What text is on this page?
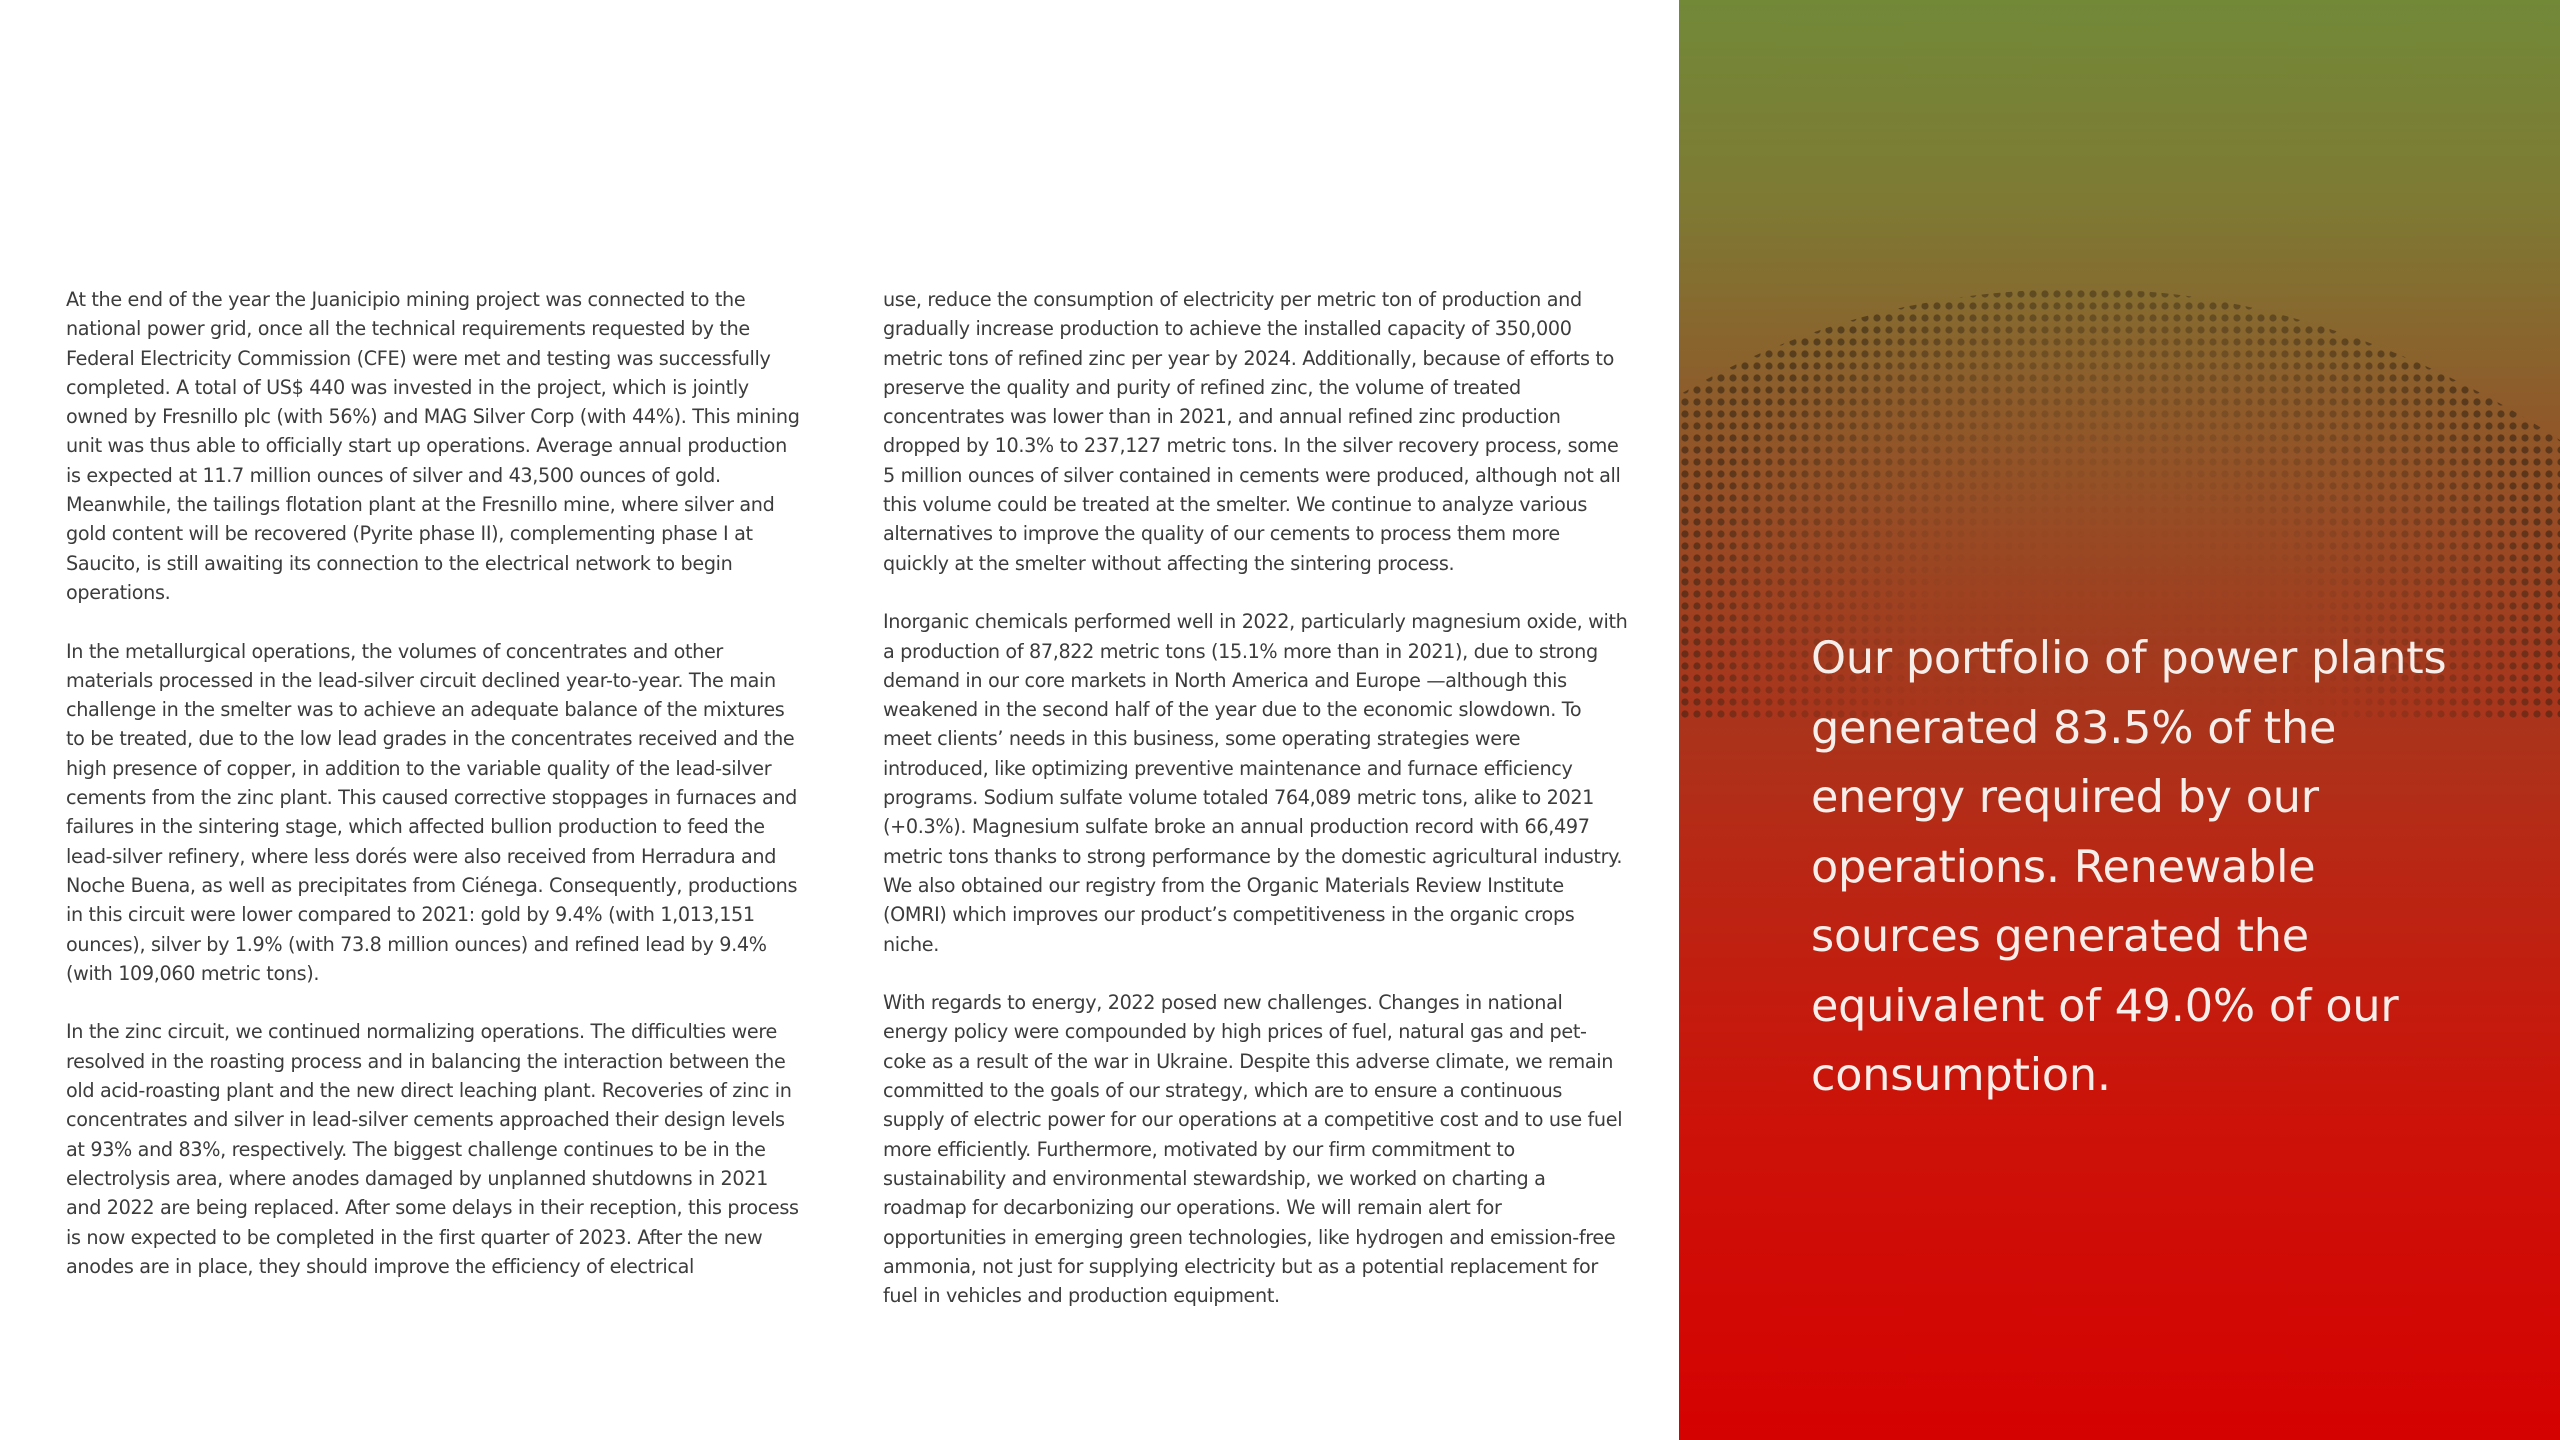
At the end of the year the Juanicipio mining project was connected to the national power grid, once all the technical requirements requested by the Federal Electricity Commission (CFE) were met and testing was successfully completed. A total of US$ 440 was invested in the project, which is jointly owned by Fresnillo plc (with 56%) and MAG Silver Corp (with 44%). This mining unit was thus able to officially start up operations. Average annual production is expected at 11.7 million ounces of silver and 43,500 ounces of gold. Meanwhile, the tailings flotation plant at the Fresnillo mine, where silver and gold content will be recovered (Pyrite phase II), complementing phase I at Saucito, is still awaiting its connection to the electrical network to begin operations.

In the metallurgical operations, the volumes of concentrates and other materials processed in the lead-silver circuit declined year-to-year. The main challenge in the smelter was to achieve an adequate balance of the mixtures to be treated, due to the low lead grades in the concentrates received and the high presence of copper, in addition to the variable quality of the lead-silver cements from the zinc plant. This caused corrective stoppages in furnaces and failures in the sintering stage, which affected bullion production to feed the lead-silver refinery, where less dorés were also received from Herradura and Noche Buena, as well as precipitates from Ciénega. Consequently, productions in this circuit were lower compared to 2021: gold by 9.4% (with 1,013,151 ounces), silver by 1.9% (with 73.8 million ounces) and refined lead by 9.4% (with 109,060 metric tons).

In the zinc circuit, we continued normalizing operations. The difficulties were resolved in the roasting process and in balancing the interaction between the old acid-roasting plant and the new direct leaching plant. Recoveries of zinc in concentrates and silver in lead-silver cements approached their design levels at 93% and 83%, respectively. The biggest challenge continues to be in the electrolysis area, where anodes damaged by unplanned shutdowns in 2021 and 2022 are being replaced. After some delays in their reception, this process is now expected to be completed in the first quarter of 2023. After the new anodes are in place, they should improve the efficiency of electrical

use, reduce the consumption of electricity per metric ton of production and gradually increase production to achieve the installed capacity of 350,000 metric tons of refined zinc per year by 2024. Additionally, because of efforts to preserve the quality and purity of refined zinc, the volume of treated concentrates was lower than in 2021, and annual refined zinc production dropped by 10.3% to 237,127 metric tons. In the silver recovery process, some 5 million ounces of silver contained in cements were produced, although not all this volume could be treated at the smelter. We continue to analyze various alternatives to improve the quality of our cements to process them more quickly at the smelter without affecting the sintering process.

Inorganic chemicals performed well in 2022, particularly magnesium oxide, with a production of 87,822 metric tons (15.1% more than in 2021), due to strong demand in our core markets in North America and Europe —although this weakened in the second half of the year due to the economic slowdown. To meet clients’ needs in this business, some operating strategies were introduced, like optimizing preventive maintenance and furnace efficiency programs. Sodium sulfate volume totaled 764,089 metric tons, alike to 2021 (+0.3%). Magnesium sulfate broke an annual production record with 66,497 metric tons thanks to strong performance by the domestic agricultural industry. We also obtained our registry from the Organic Materials Review Institute (OMRI) which improves our product’s competitiveness in the organic crops niche.

With regards to energy, 2022 posed new challenges. Changes in national energy policy were compounded by high prices of fuel, natural gas and pet-coke as a result of the war in Ukraine. Despite this adverse climate, we remain committed to the goals of our strategy, which are to ensure a continuous supply of electric power for our operations at a competitive cost and to use fuel more efficiently. Furthermore, motivated by our firm commitment to sustainability and environmental stewardship, we worked on charting a roadmap for decarbonizing our operations. We will remain alert for opportunities in emerging green technologies, like hydrogen and emission-free ammonia, not just for supplying electricity but as a potential replacement for fuel in vehicles and production equipment.

Our portfolio of power plants generated 83.5% of the energy required by our operations. Renewable sources generated the equivalent of 49.0% of our consumption.
